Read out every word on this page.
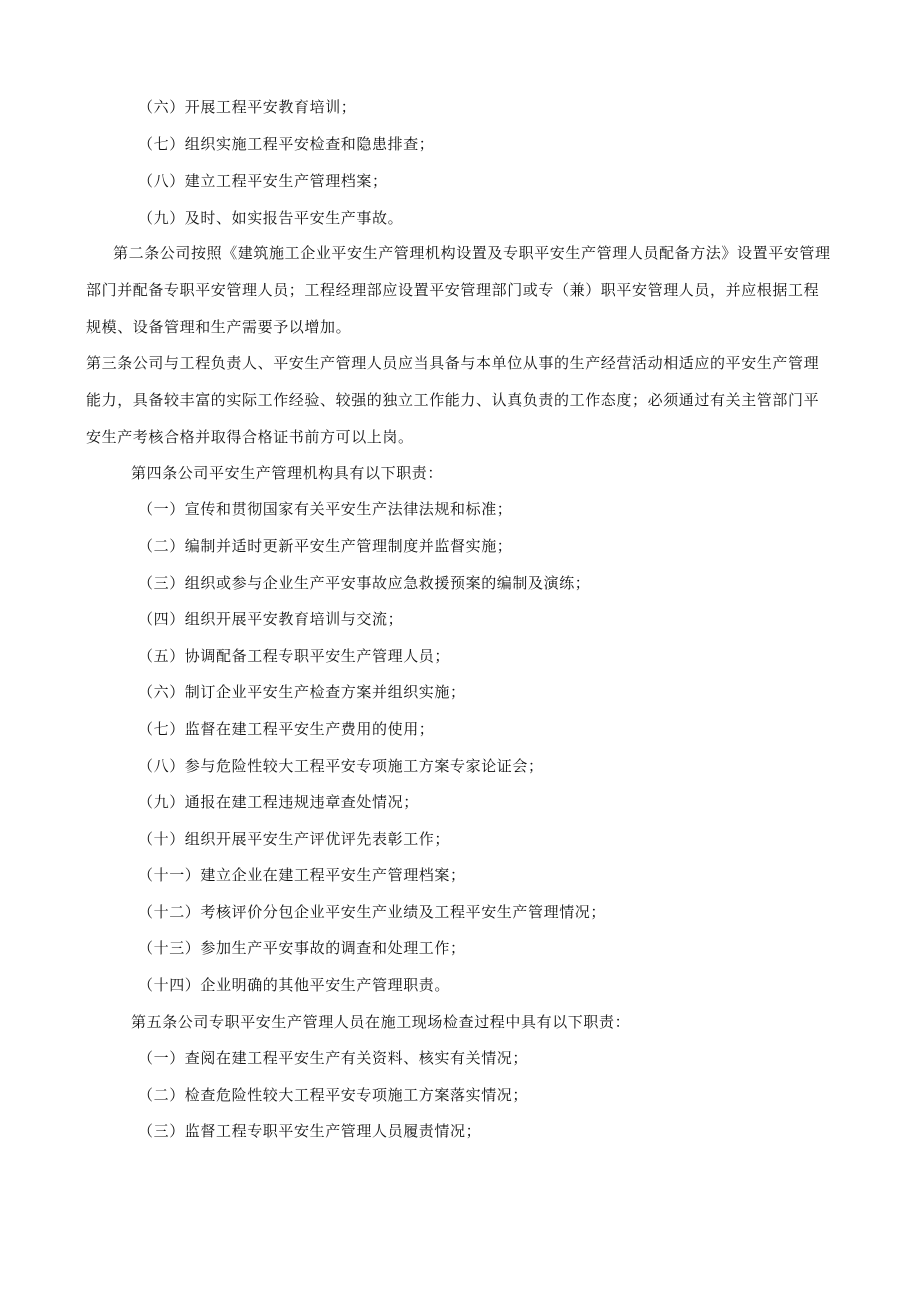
（六）开展工程平安教育培训；
（七）组织实施工程平安检查和隐患排查；
（八）建立工程平安生产管理档案；
（九）及时、如实报告平安生产事故。
第二条公司按照《建筑施工企业平安生产管理机构设置及专职平安生产管理人员配备方法》设置平安管理
部门并配备专职平安管理人员；工程经理部应设置平安管理部门或专（兼）职平安管理人员，并应根据工程
规模、设备管理和生产需要予以增加。
第三条公司与工程负责人、平安生产管理人员应当具备与本单位从事的生产经营活动相适应的平安生产管理
能力，具备较丰富的实际工作经验、较强的独立工作能力、认真负责的工作态度；必须通过有关主管部门平
安生产考核合格并取得合格证书前方可以上岗。
第四条公司平安生产管理机构具有以下职责：
（一）宣传和贯彻国家有关平安生产法律法规和标准；
（二）编制并适时更新平安生产管理制度并监督实施；
（三）组织或参与企业生产平安事故应急救援预案的编制及演练；
（四）组织开展平安教育培训与交流；
（五）协调配备工程专职平安生产管理人员；
（六）制订企业平安生产检查方案并组织实施；
（七）监督在建工程平安生产费用的使用；
（八）参与危险性较大工程平安专项施工方案专家论证会；
（九）通报在建工程违规违章查处情况；
（十）组织开展平安生产评优评先表彰工作；
（十一）建立企业在建工程平安生产管理档案；
（十二）考核评价分包企业平安生产业绩及工程平安生产管理情况；
（十三）参加生产平安事故的调查和处理工作；
（十四）企业明确的其他平安生产管理职责。
第五条公司专职平安生产管理人员在施工现场检查过程中具有以下职责：
（一）查阅在建工程平安生产有关资料、核实有关情况；
（二）检查危险性较大工程平安专项施工方案落实情况；
（三）监督工程专职平安生产管理人员履责情况；
